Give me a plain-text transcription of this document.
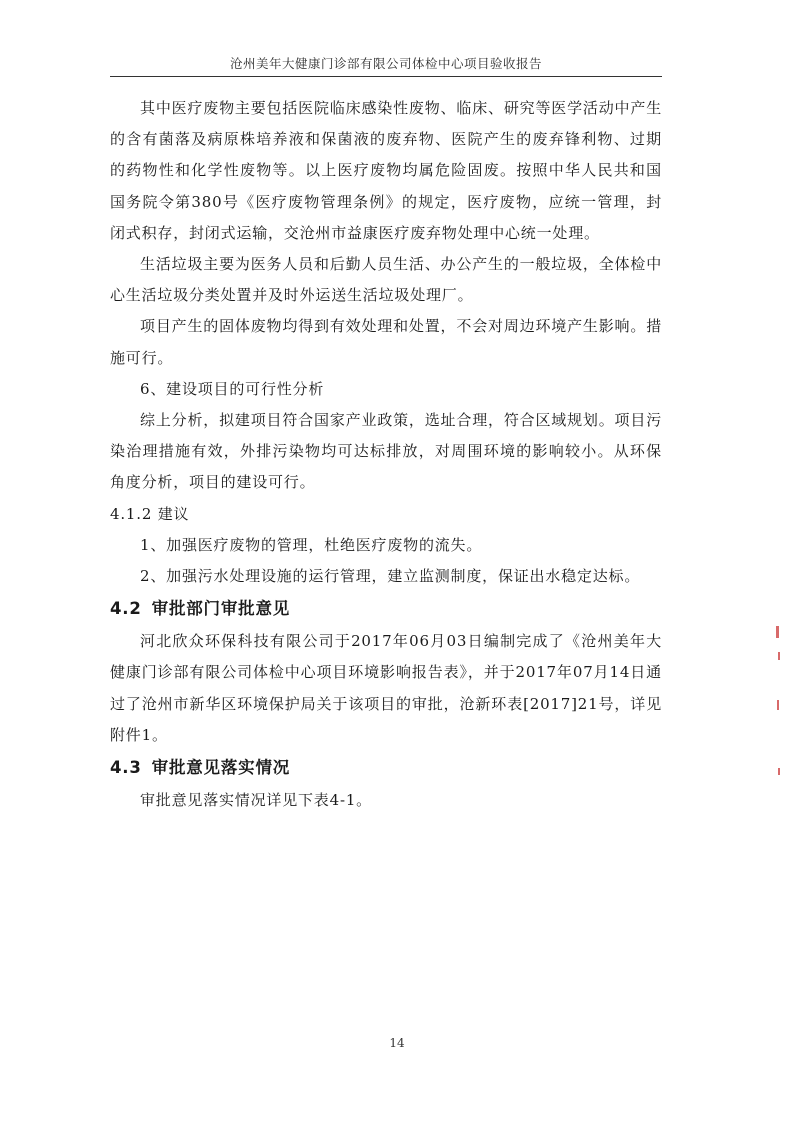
沧州美年大健康门诊部有限公司体检中心项目验收报告

其中医疗废物主要包括医院临床感染性废物、临床、研究等医学活动中产生的含有菌落及病原株培养液和保菌液的废弃物、医院产生的废弃锋利物、过期的药物性和化学性废物等。以上医疗废物均属危险固废。按照中华人民共和国国务院令第380号《医疗废物管理条例》的规定，医疗废物，应统一管理，封闭式积存，封闭式运输，交沧州市益康医疗废弃物处理中心统一处理。

生活垃圾主要为医务人员和后勤人员生活、办公产生的一般垃圾，全体检中心生活垃圾分类处置并及时外运送生活垃圾处理厂。

项目产生的固体废物均得到有效处理和处置，不会对周边环境产生影响。措施可行。

6、建设项目的可行性分析

综上分析，拟建项目符合国家产业政策，选址合理，符合区域规划。项目污染治理措施有效，外排污染物均可达标排放，对周围环境的影响较小。从环保角度分析，项目的建设可行。

4.1.2 建议

1、加强医疗废物的管理，杜绝医疗废物的流失。

2、加强污水处理设施的运行管理，建立监测制度，保证出水稳定达标。

4.2 审批部门审批意见

河北欣众环保科技有限公司于2017年06月03日编制完成了《沧州美年大健康门诊部有限公司体检中心项目环境影响报告表》，并于2017年07月14日通过了沧州市新华区环境保护局关于该项目的审批，沧新环表[2017]21号，详见附件1。

4.3 审批意见落实情况

审批意见落实情况详见下表4-1。

14
